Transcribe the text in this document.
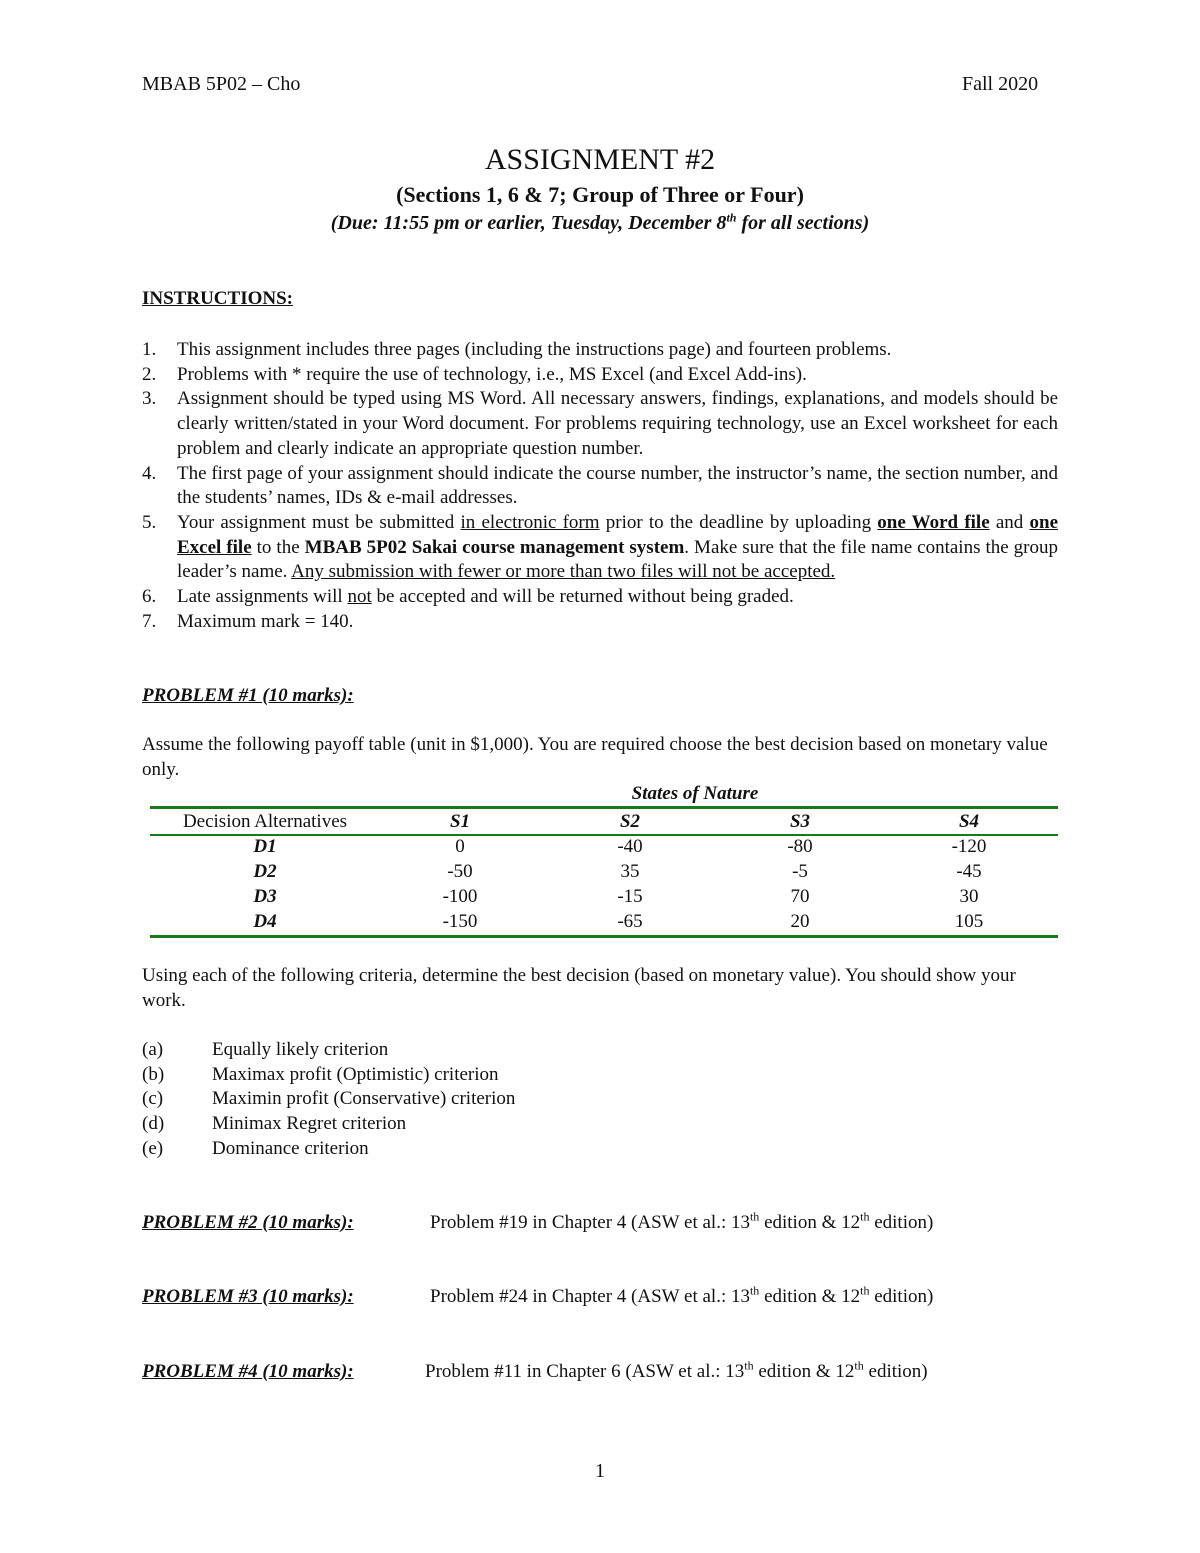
MBAB 5P02 – Cho	Fall 2020
ASSIGNMENT #2
(Sections 1, 6 & 7; Group of Three or Four)
(Due: 11:55 pm or earlier, Tuesday, December 8th for all sections)
INSTRUCTIONS:
1. This assignment includes three pages (including the instructions page) and fourteen problems.
2. Problems with * require the use of technology, i.e., MS Excel (and Excel Add-ins).
3. Assignment should be typed using MS Word. All necessary answers, findings, explanations, and models should be clearly written/stated in your Word document. For problems requiring technology, use an Excel worksheet for each problem and clearly indicate an appropriate question number.
4. The first page of your assignment should indicate the course number, the instructor’s name, the section number, and the students’ names, IDs & e-mail addresses.
5. Your assignment must be submitted in electronic form prior to the deadline by uploading one Word file and one Excel file to the MBAB 5P02 Sakai course management system. Make sure that the file name contains the group leader’s name. Any submission with fewer or more than two files will not be accepted.
6. Late assignments will not be accepted and will be returned without being graded.
7. Maximum mark = 140.
PROBLEM #1 (10 marks):
Assume the following payoff table (unit in $1,000). You are required choose the best decision based on monetary value only.
States of Nature
Decision Alternatives	S1	S2	S3	S4
D1	0	-40	-80	-120
D2	-50	35	-5	-45
D3	-100	-15	70	30
D4	-150	-65	20	105
Using each of the following criteria, determine the best decision (based on monetary value). You should show your work.
(a)	Equally likely criterion
(b)	Maximax profit (Optimistic) criterion
(c)	Maximin profit (Conservative) criterion
(d)	Minimax Regret criterion
(e)	Dominance criterion
PROBLEM #2 (10 marks):	Problem #19 in Chapter 4 (ASW et al.: 13th edition & 12th edition)
PROBLEM #3 (10 marks):	Problem #24 in Chapter 4 (ASW et al.: 13th edition & 12th edition)
PROBLEM #4 (10 marks):	Problem #11 in Chapter 6 (ASW et al.: 13th edition & 12th edition)
1
